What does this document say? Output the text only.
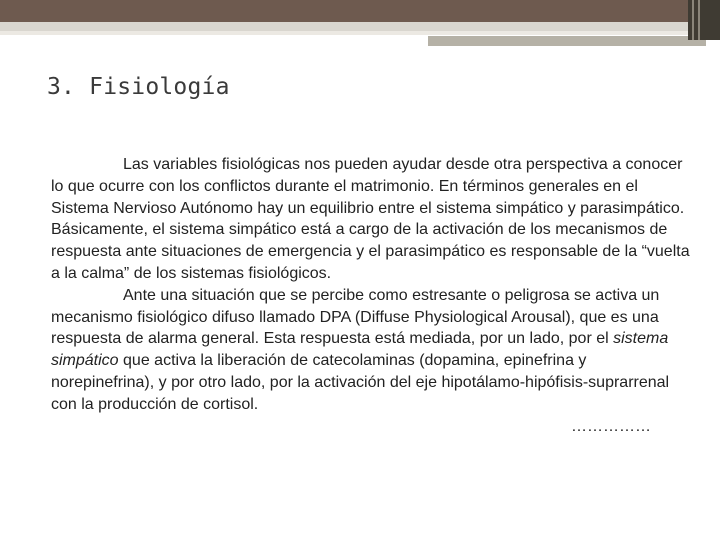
3. Fisiología

Las variables fisiológicas nos pueden ayudar desde otra perspectiva a conocer lo que ocurre con los conflictos durante el matrimonio. En términos generales en el Sistema Nervioso Autónomo hay un equilibrio entre el sistema simpático y parasimpático. Básicamente, el sistema simpático está a cargo de la activación de los mecanismos de respuesta ante situaciones de emergencia y el parasimpático es responsable de la “vuelta a la calma” de los sistemas fisiológicos.

Ante una situación que se percibe como estresante o peligrosa se activa un mecanismo fisiológico difuso llamado DPA (Diffuse Physiological Arousal), que es una respuesta de alarma general. Esta respuesta está mediada, por un lado, por el sistema simpático que activa la liberación de catecolaminas (dopamina, epinefrina y norepinefrina), y por otro lado, por la activación del eje hipotálamo-hipófisis-suprarrenal con la producción de cortisol.

……………
